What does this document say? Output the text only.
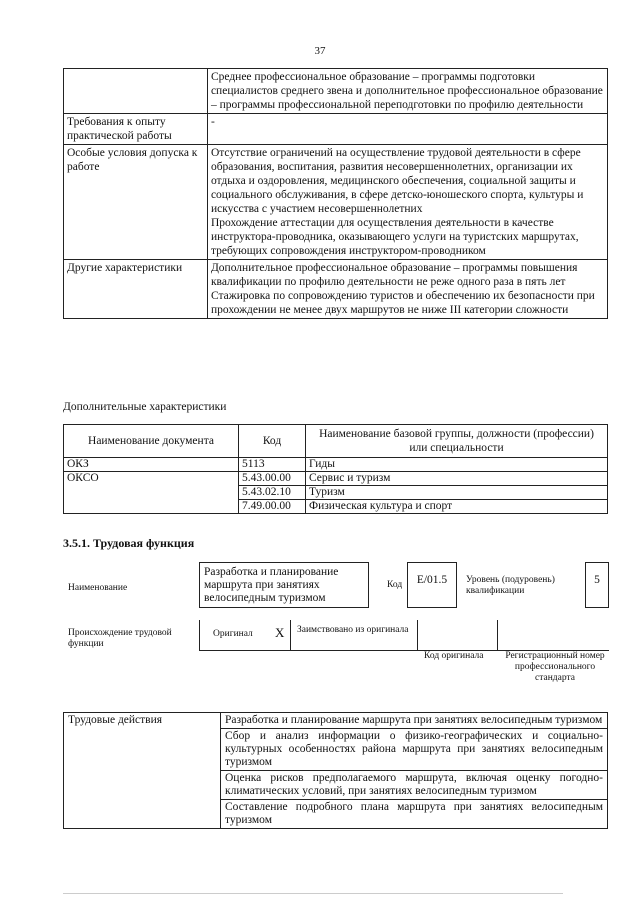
37

	Среднее профессиональное образование – программы подготовки специалистов среднего звена и дополнительное профессиональное образование – программы профессиональной переподготовки по профилю деятельности

Требования к опыту практической работы	-

Особые условия допуска к работе	Отсутствие ограничений на осуществление трудовой деятельности в сфере образования, воспитания, развития несовершеннолетних, организации их отдыха и оздоровления, медицинского обеспечения, социальной защиты и социального обслуживания, в сфере детско-юношеского спорта, культуры и искусства с участием несовершеннолетних
Прохождение аттестации для осуществления деятельности в качестве инструктора-проводника, оказывающего услуги на туристских маршрутах, требующих сопровождения инструктором-проводником

Другие характеристики	Дополнительное профессиональное образование – программы повышения квалификации по профилю деятельности не реже одного раза в пять лет
Стажировка по сопровождению туристов и обеспечению их безопасности при прохождении не менее двух маршрутов не ниже III категории сложности
Дополнительные характеристики
Наименование документа	Код	Наименование базовой группы, должности (профессии) или специальности
ОКЗ	5113	Гиды
ОКСО	5.43.00.00	Сервис и туризм
	5.43.02.10	Туризм
	7.49.00.00	Физическая культура и спорт
3.5.1. Трудовая функция
Наименование
Разработка и планирование маршрута при занятиях велосипедным туризмом
Код	E/01.5	Уровень (подуровень) квалификации
5
Происхождение трудовой функции
Оригинал X Заимствовано из оригинала
Код оригинала	Регистрационный номер профессионального стандарта
Трудовые действия	Разработка и планирование маршрута при занятиях велосипедным туризмом
Сбор и анализ информации о физико-географических и социально-культурных особенностях района маршрута при занятиях велосипедным туризмом
Оценка рисков предполагаемого маршрута, включая оценку погодно-климатических условий, при занятиях велосипедным туризмом
Составление подробного плана маршрута при занятиях велосипедным туризмом
